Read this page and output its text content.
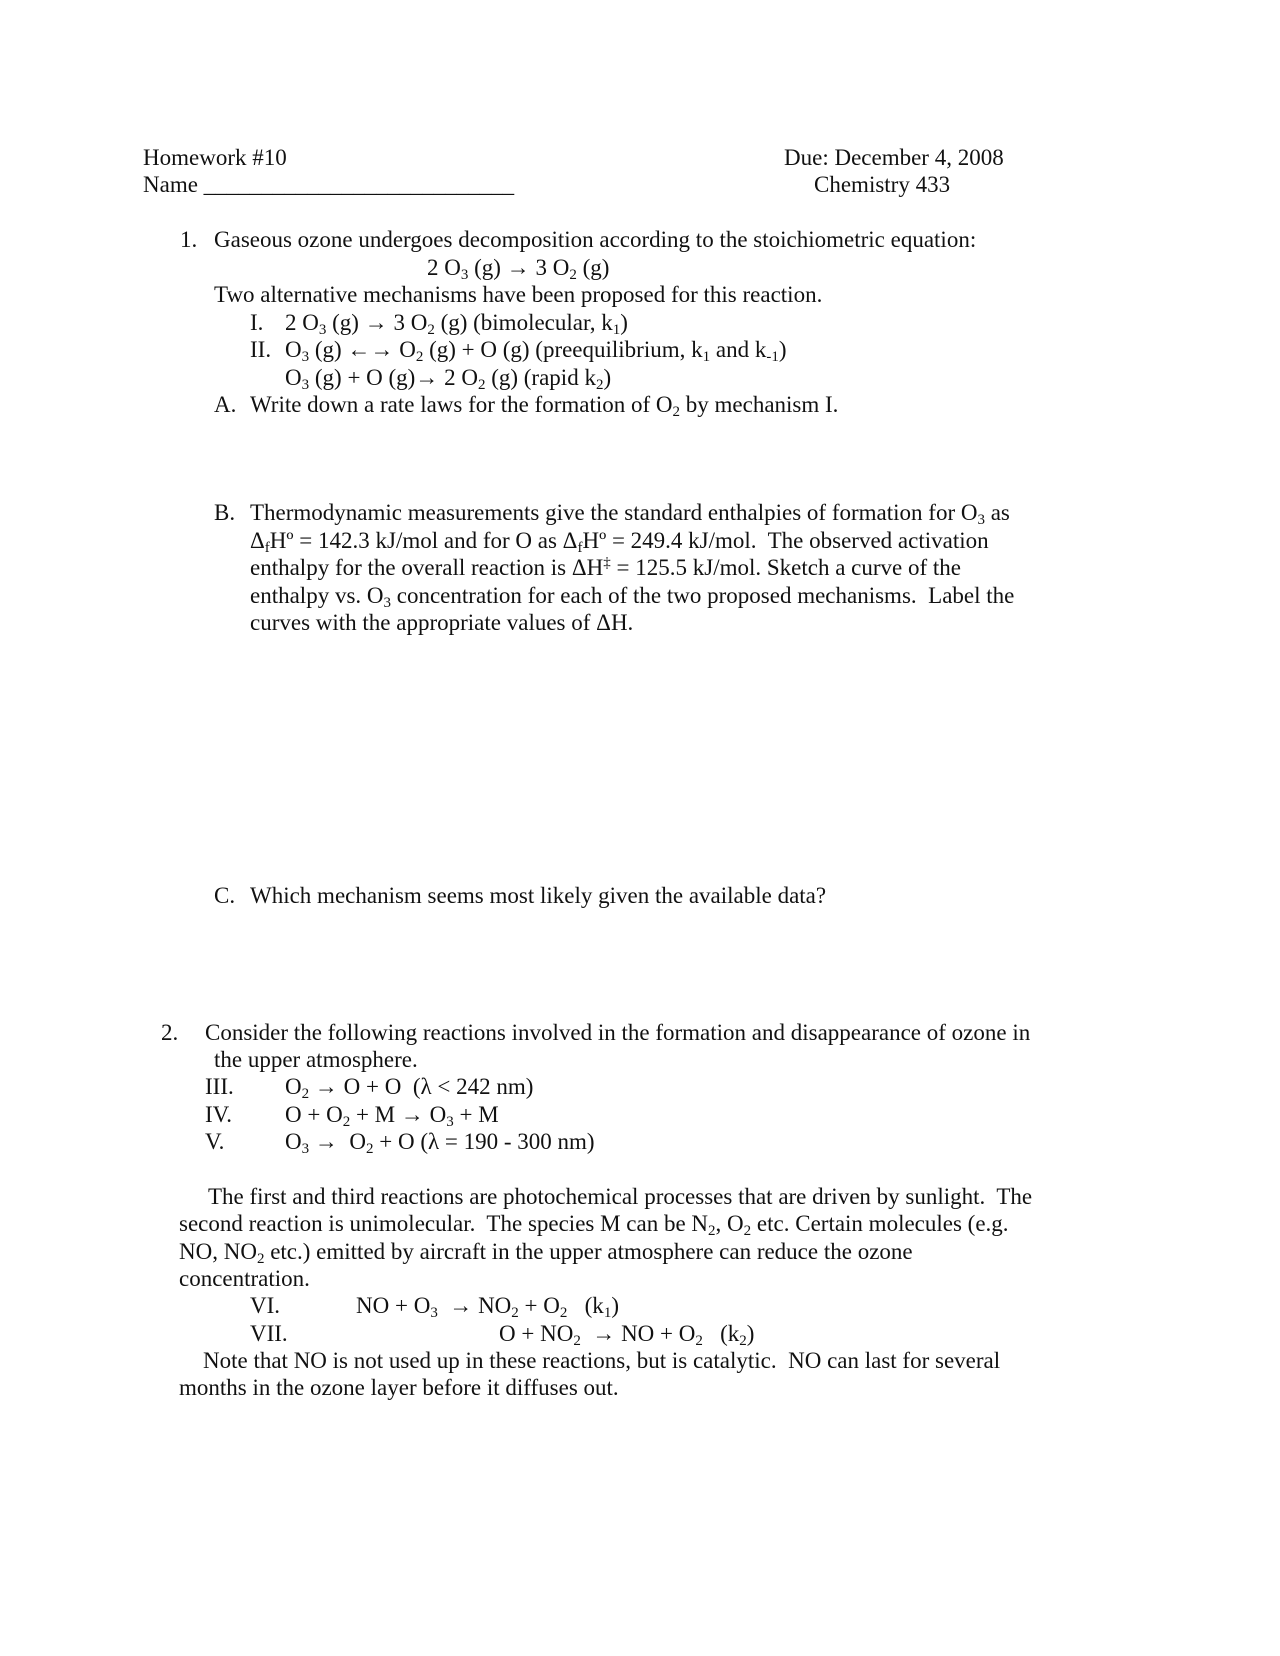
Homework #10	Due: December 4, 2008
Name ___________________________	Chemistry 433
1. Gaseous ozone undergoes decomposition according to the stoichiometric equation:
2 $O_3$ (g) → 3 $O_2$ (g)
Two alternative mechanisms have been proposed for this reaction.
I. 2 $O_3$ (g) → 3 $O_2$ (g) (bimolecular, $k_1$)
II. $O_3$ (g) ←→ $O_2$ (g) + O (g) (preequilibrium, $k_1$ and $k_{-1}$)
$O_3$ (g) + O (g)→ 2 $O_2$ (g) (rapid $k_2$)
A. Write down a rate laws for the formation of $O_2$ by mechanism I.
B. Thermodynamic measurements give the standard enthalpies of formation for $O_3$ as
$\Delta_fHº = 142.3$ kJ/mol and for O as $\Delta_fHº = 249.4$ kJ/mol.  The observed activation
enthalpy for the overall reaction is ΔH‡ = 125.5 kJ/mol. Sketch a curve of the
enthalpy vs. $O_3$ concentration for each of the two proposed mechanisms.  Label the
curves with the appropriate values of ΔH.
C. Which mechanism seems most likely given the available data?
2. Consider the following reactions involved in the formation and disappearance of ozone in
the upper atmosphere.
III. $O_2 \to O + O$  (λ < 242 nm)
IV. $O + O_2 + M \to O_3 + M$
V.	$O_3 \to O_2 + O$ (λ = 190 - 300 nm)
The first and third reactions are photochemical processes that are driven by sunlight.  The
second reaction is unimolecular.  The species M can be $N_2$, $O_2$ etc. Certain molecules (e.g.
NO, $NO_2$ etc.) emitted by aircraft in the upper atmosphere can reduce the ozone
concentration.
VI.	NO + $O_3 \to NO_2 + O_2$   $(k_1)$
VII.	$O + NO_2$  → NO + $O_2$   $(k_2)$
Note that NO is not used up in these reactions, but is catalytic.  NO can last for several
months in the ozone layer before it diffuses out.
